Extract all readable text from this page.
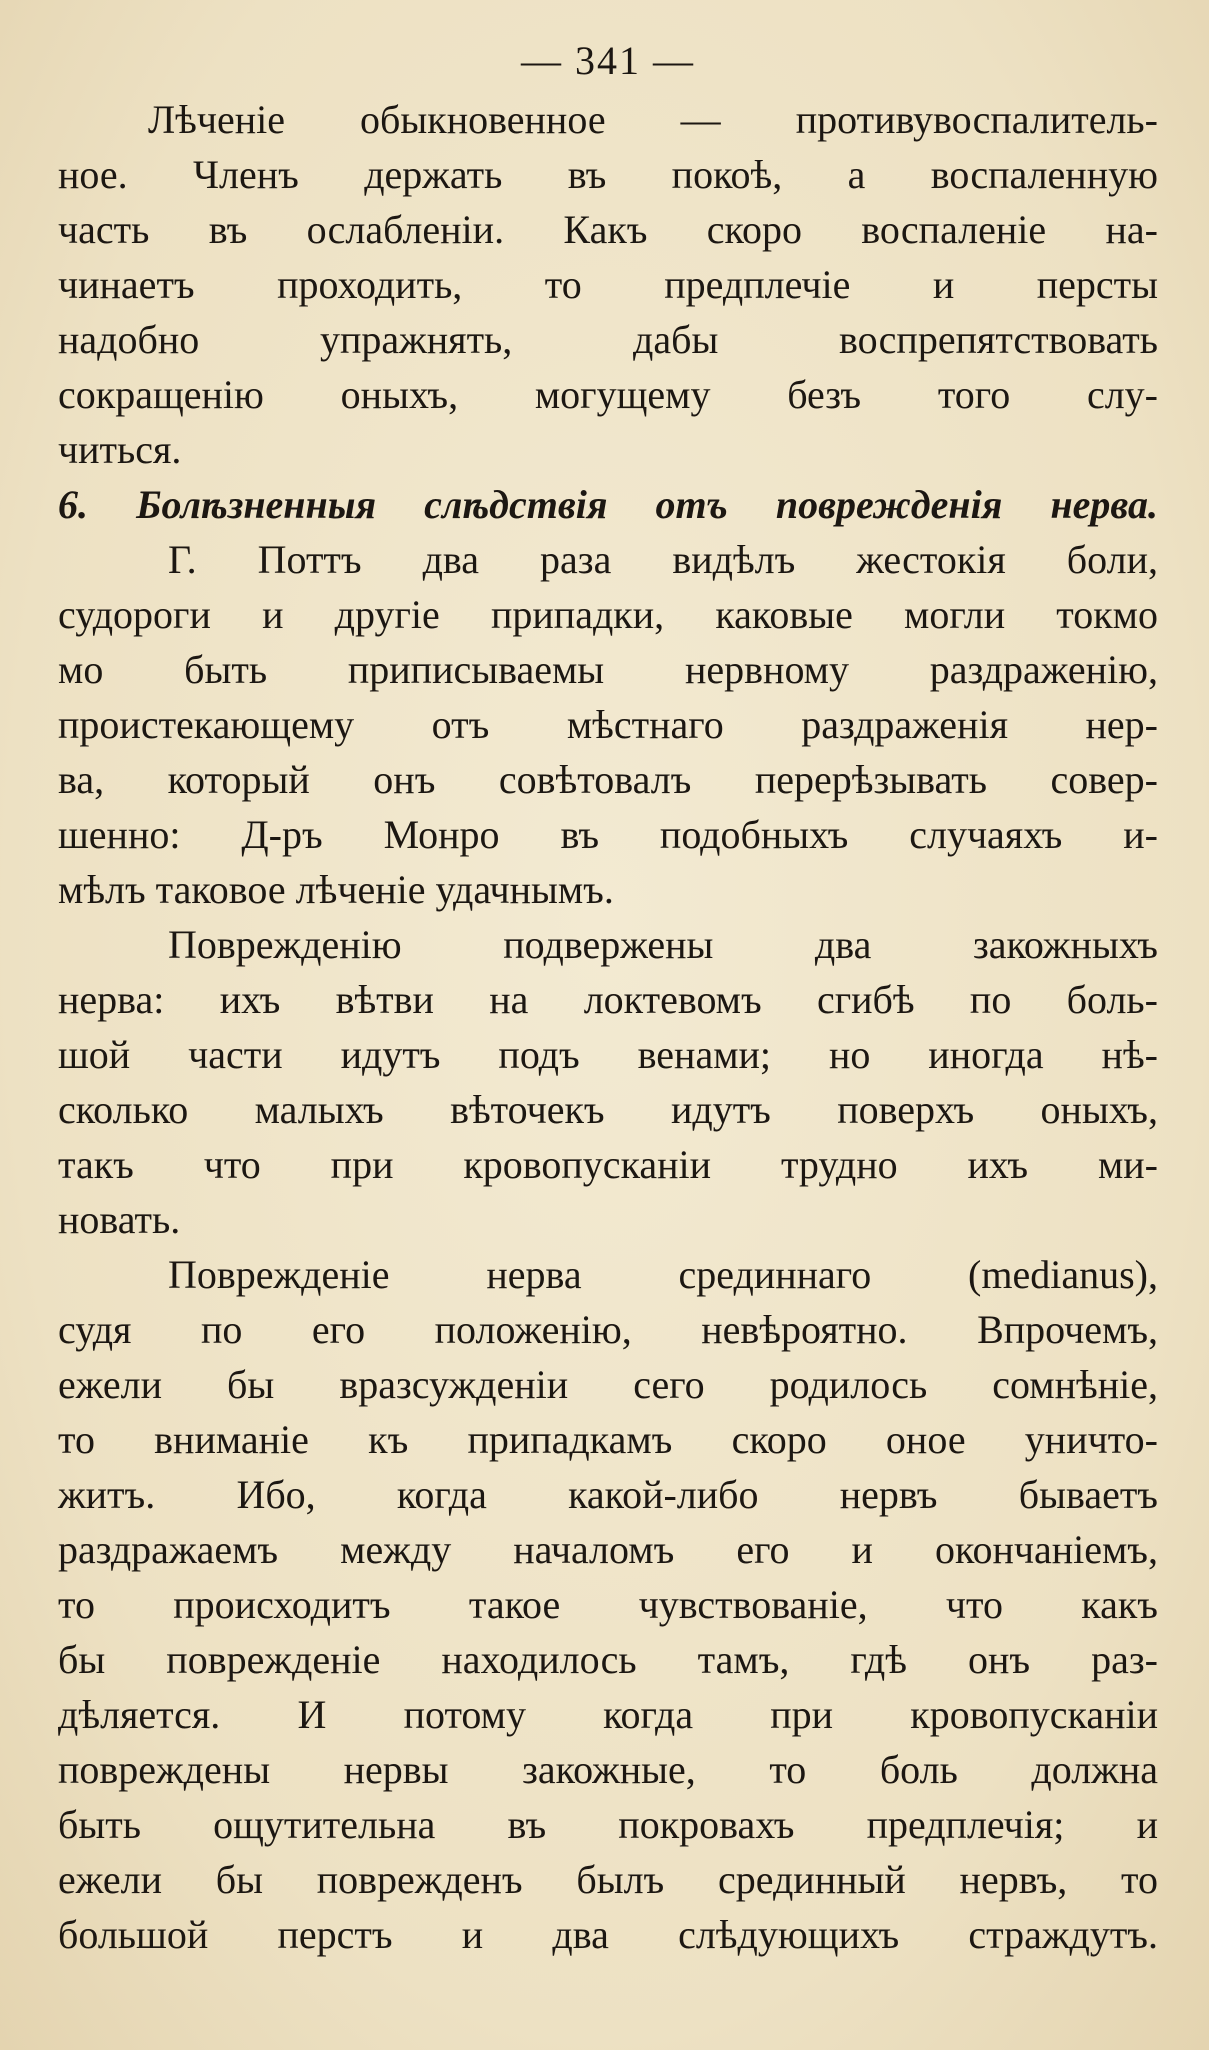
— 341 —
Лѣченiе обыкновенное — противувоспалитель-
ное. Членъ держать въ покоѣ, а воспаленную
часть въ ослабленiи. Какъ скоро воспаленiе на-
чинаетъ проходить, то предплечiе и персты
надобно упражнять, дабы воспрепятствовать
сокращенiю оныхъ, могущему безъ того слу-
читься.
6. Болѣзненныя слѣдствiя отъ поврежденiя нерва.
Г. Поттъ два раза видѣлъ жестокiя боли,
судороги и другiе припадки, каковые могли токмо
мо быть приписываемы нервному раздраженiю,
проистекающему отъ мѣстнаго раздраженiя нер-
ва, который онъ совѣтовалъ перерѣзывать совер-
шенно: Д-ръ Монро въ подобныхъ случаяхъ и-
мѣлъ таковое лѣченiе удачнымъ.
Поврежденiю подвержены два закожныхъ
нерва: ихъ вѣтви на локтевомъ сгибѣ по боль-
шой части идутъ подъ венами; но иногда нѣ-
сколько малыхъ вѣточекъ идутъ поверхъ оныхъ,
такъ что при кровопусканiи трудно ихъ ми-
новать.
Поврежденiе нерва срединнаго (medianus),
судя по его положенiю, невѣроятно. Впрочемъ,
ежели бы вразсужденiи сего родилось сомнѣнiе,
то вниманiе къ припадкамъ скоро оное уничто-
житъ. Ибо, когда какой-либо нервъ бываетъ
раздражаемъ между началомъ его и окончанiемъ,
то происходитъ такое чувствованiе, что какъ
бы поврежденiе находилось тамъ, гдѣ онъ раз-
дѣляется. И потому когда при кровопусканiи
повреждены нервы закожные, то боль должна
быть ощутительна въ покровахъ предплечiя; и
ежели бы поврежденъ былъ срединный нервъ, то
большой перстъ и два слѣдующихъ страждутъ.
